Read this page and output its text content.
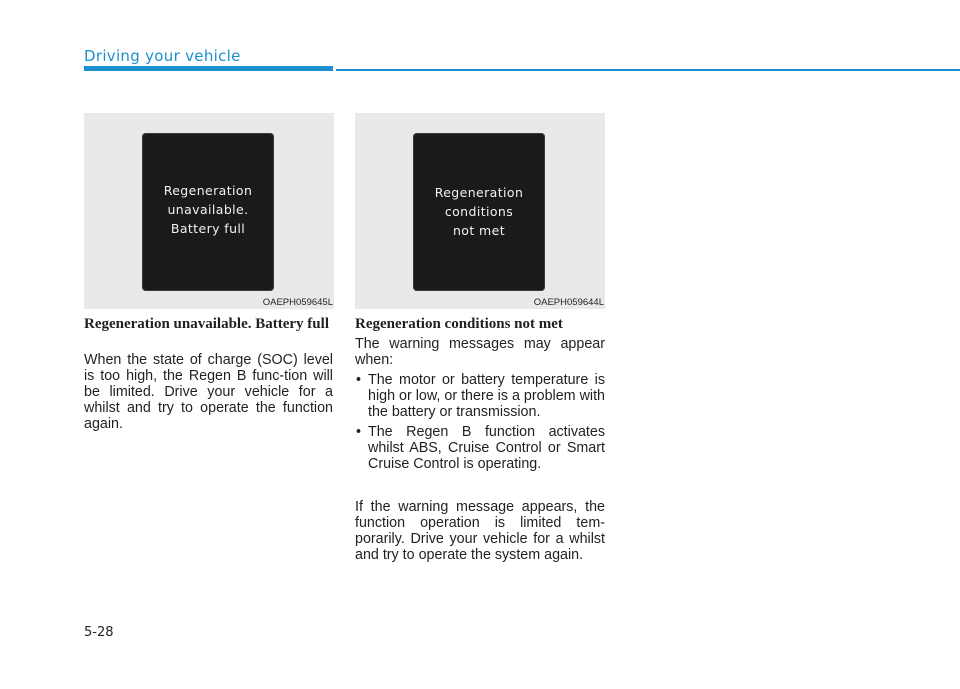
Driving your vehicle
Regeneration
unavailable.
Battery full
OAEPH059645L
Regeneration
conditions
not met
OAEPH059644L
Regeneration unavailable. Battery full
When the state of charge (SOC) level is too high, the Regen B func-tion will be limited. Drive your vehicle for a whilst and try to operate the function again.
Regeneration conditions not met
The warning messages may appear when:
• The motor or battery temperature is high or low, or there is a problem with the battery or transmission.
• The Regen B function activates whilst ABS, Cruise Control or Smart Cruise Control is operating.
If the warning message appears, the function operation is limited tem-porarily. Drive your vehicle for a whilst and try to operate the system again.
5-28
